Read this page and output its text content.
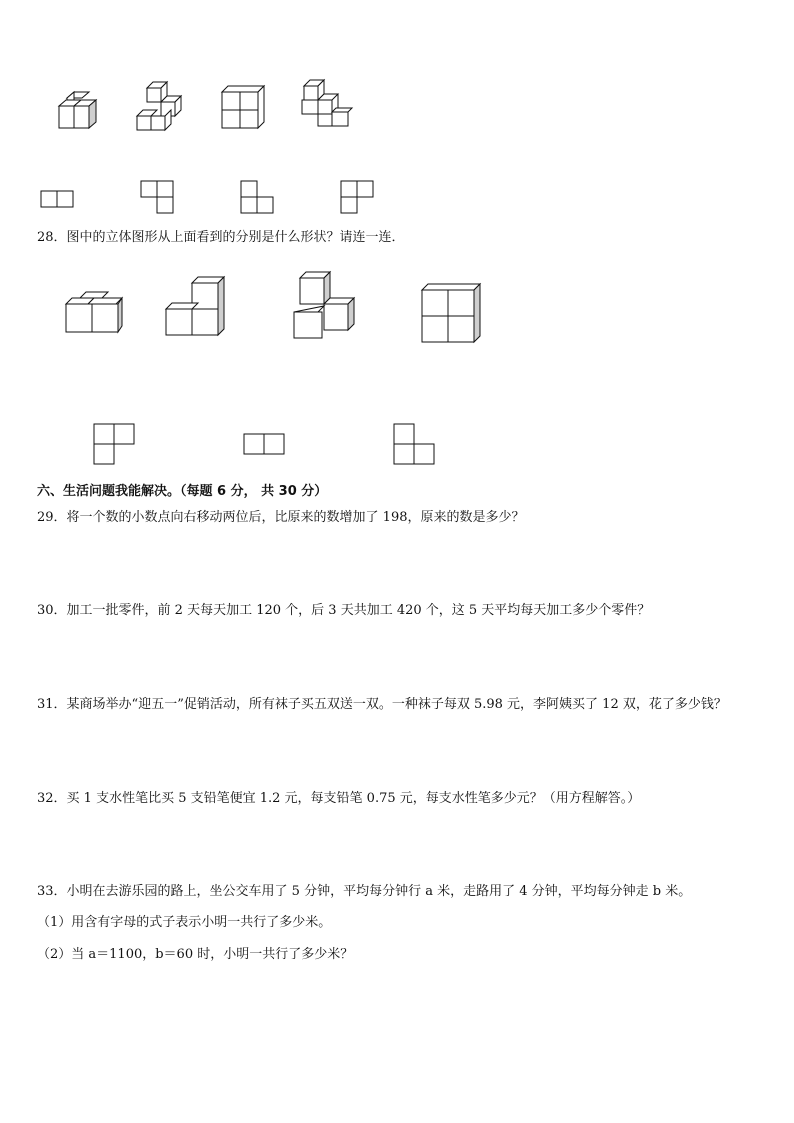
28．图中的立体图形从上面看到的分别是什么形状？请连一连．
六、生活问题我能解决。（每题 6 分， 共 30 分）
29．将一个数的小数点向右移动两位后，比原来的数增加了 198，原来的数是多少？
30．加工一批零件，前 2 天每天加工 120 个，后 3 天共加工 420 个，这 5 天平均每天加工多少个零件？
31．某商场举办“迎五一”促销活动，所有袜子买五双送一双。一种袜子每双 5.98 元，李阿姨买了 12 双，花了多少钱？
32．买 1 支水性笔比买 5 支铅笔便宜 1.2 元，每支铅笔 0.75 元，每支水性笔多少元？（用方程解答。）
33．小明在去游乐园的路上，坐公交车用了 5 分钟，平均每分钟行 a 米，走路用了 4 分钟，平均每分钟走 b 米。
（1）用含有字母的式子表示小明一共行了多少米。
（2）当 a＝1100，b＝60 时，小明一共行了多少米？
